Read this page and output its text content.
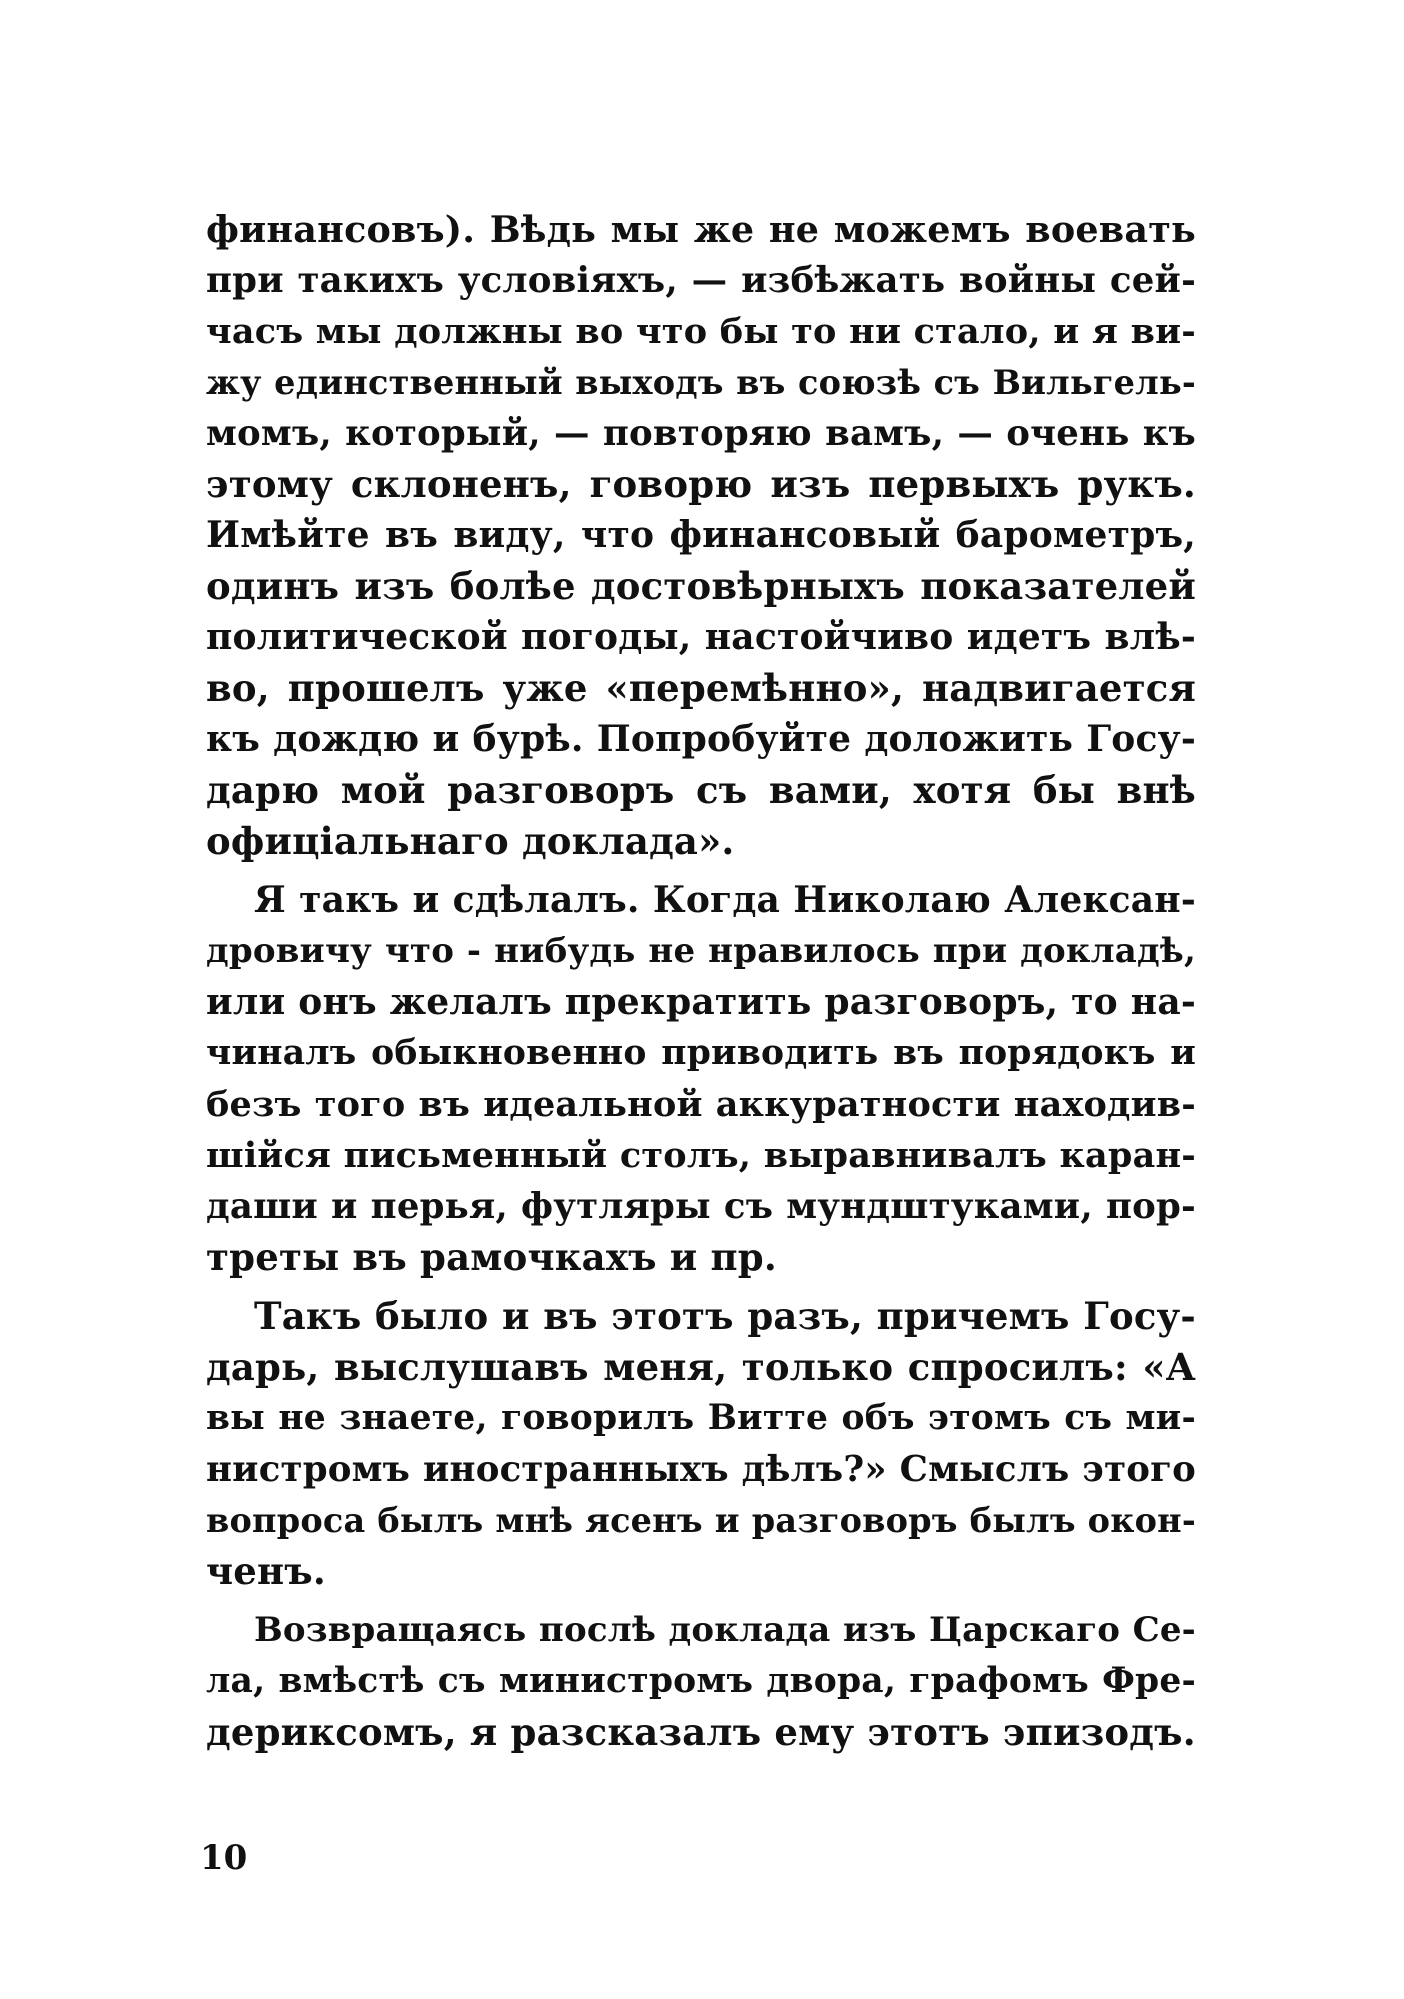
финансовъ). Вѣдь мы же не можемъ воевать
при такихъ условіяхъ, — избѣжать войны сей-
часъ мы должны во что бы то ни стало, и я ви-
жу единственный выходъ въ союзѣ съ Вильгель-
момъ, который, — повторяю вамъ, — очень къ
этому склоненъ, говорю изъ первыхъ рукъ.
Имѣйте въ виду, что финансовый барометръ,
одинъ изъ болѣе достовѣрныхъ показателей
политической погоды, настойчиво идетъ влѣ-
во, прошелъ уже «перемѣнно», надвигается
къ дождю и бурѣ. Попробуйте доложить Госу-
дарю мой разговоръ съ вами, хотя бы внѣ
офиціальнаго доклада».
Я такъ и сдѣлалъ. Когда Николаю Алексан-
дровичу что - нибудь не нравилось при докладѣ,
или онъ желалъ прекратить разговоръ, то на-
чиналъ обыкновенно приводить въ порядокъ и
безъ того въ идеальной аккуратности находив-
шійся письменный столъ, выравнивалъ каран-
даши и перья, футляры съ мундштуками, пор-
треты въ рамочкахъ и пр.
Такъ было и въ этотъ разъ, причемъ Госу-
дарь, выслушавъ меня, только спросилъ: «А
вы не знаете, говорилъ Витте объ этомъ съ ми-
нистромъ иностранныхъ дѣлъ?» Смыслъ этого
вопроса былъ мнѣ ясенъ и разговоръ былъ окон-
ченъ.
Возвращаясь послѣ доклада изъ Царскаго Се-
ла, вмѣстѣ съ министромъ двора, графомъ Фре-
дериксомъ, я разсказалъ ему этотъ эпизодъ.
10
